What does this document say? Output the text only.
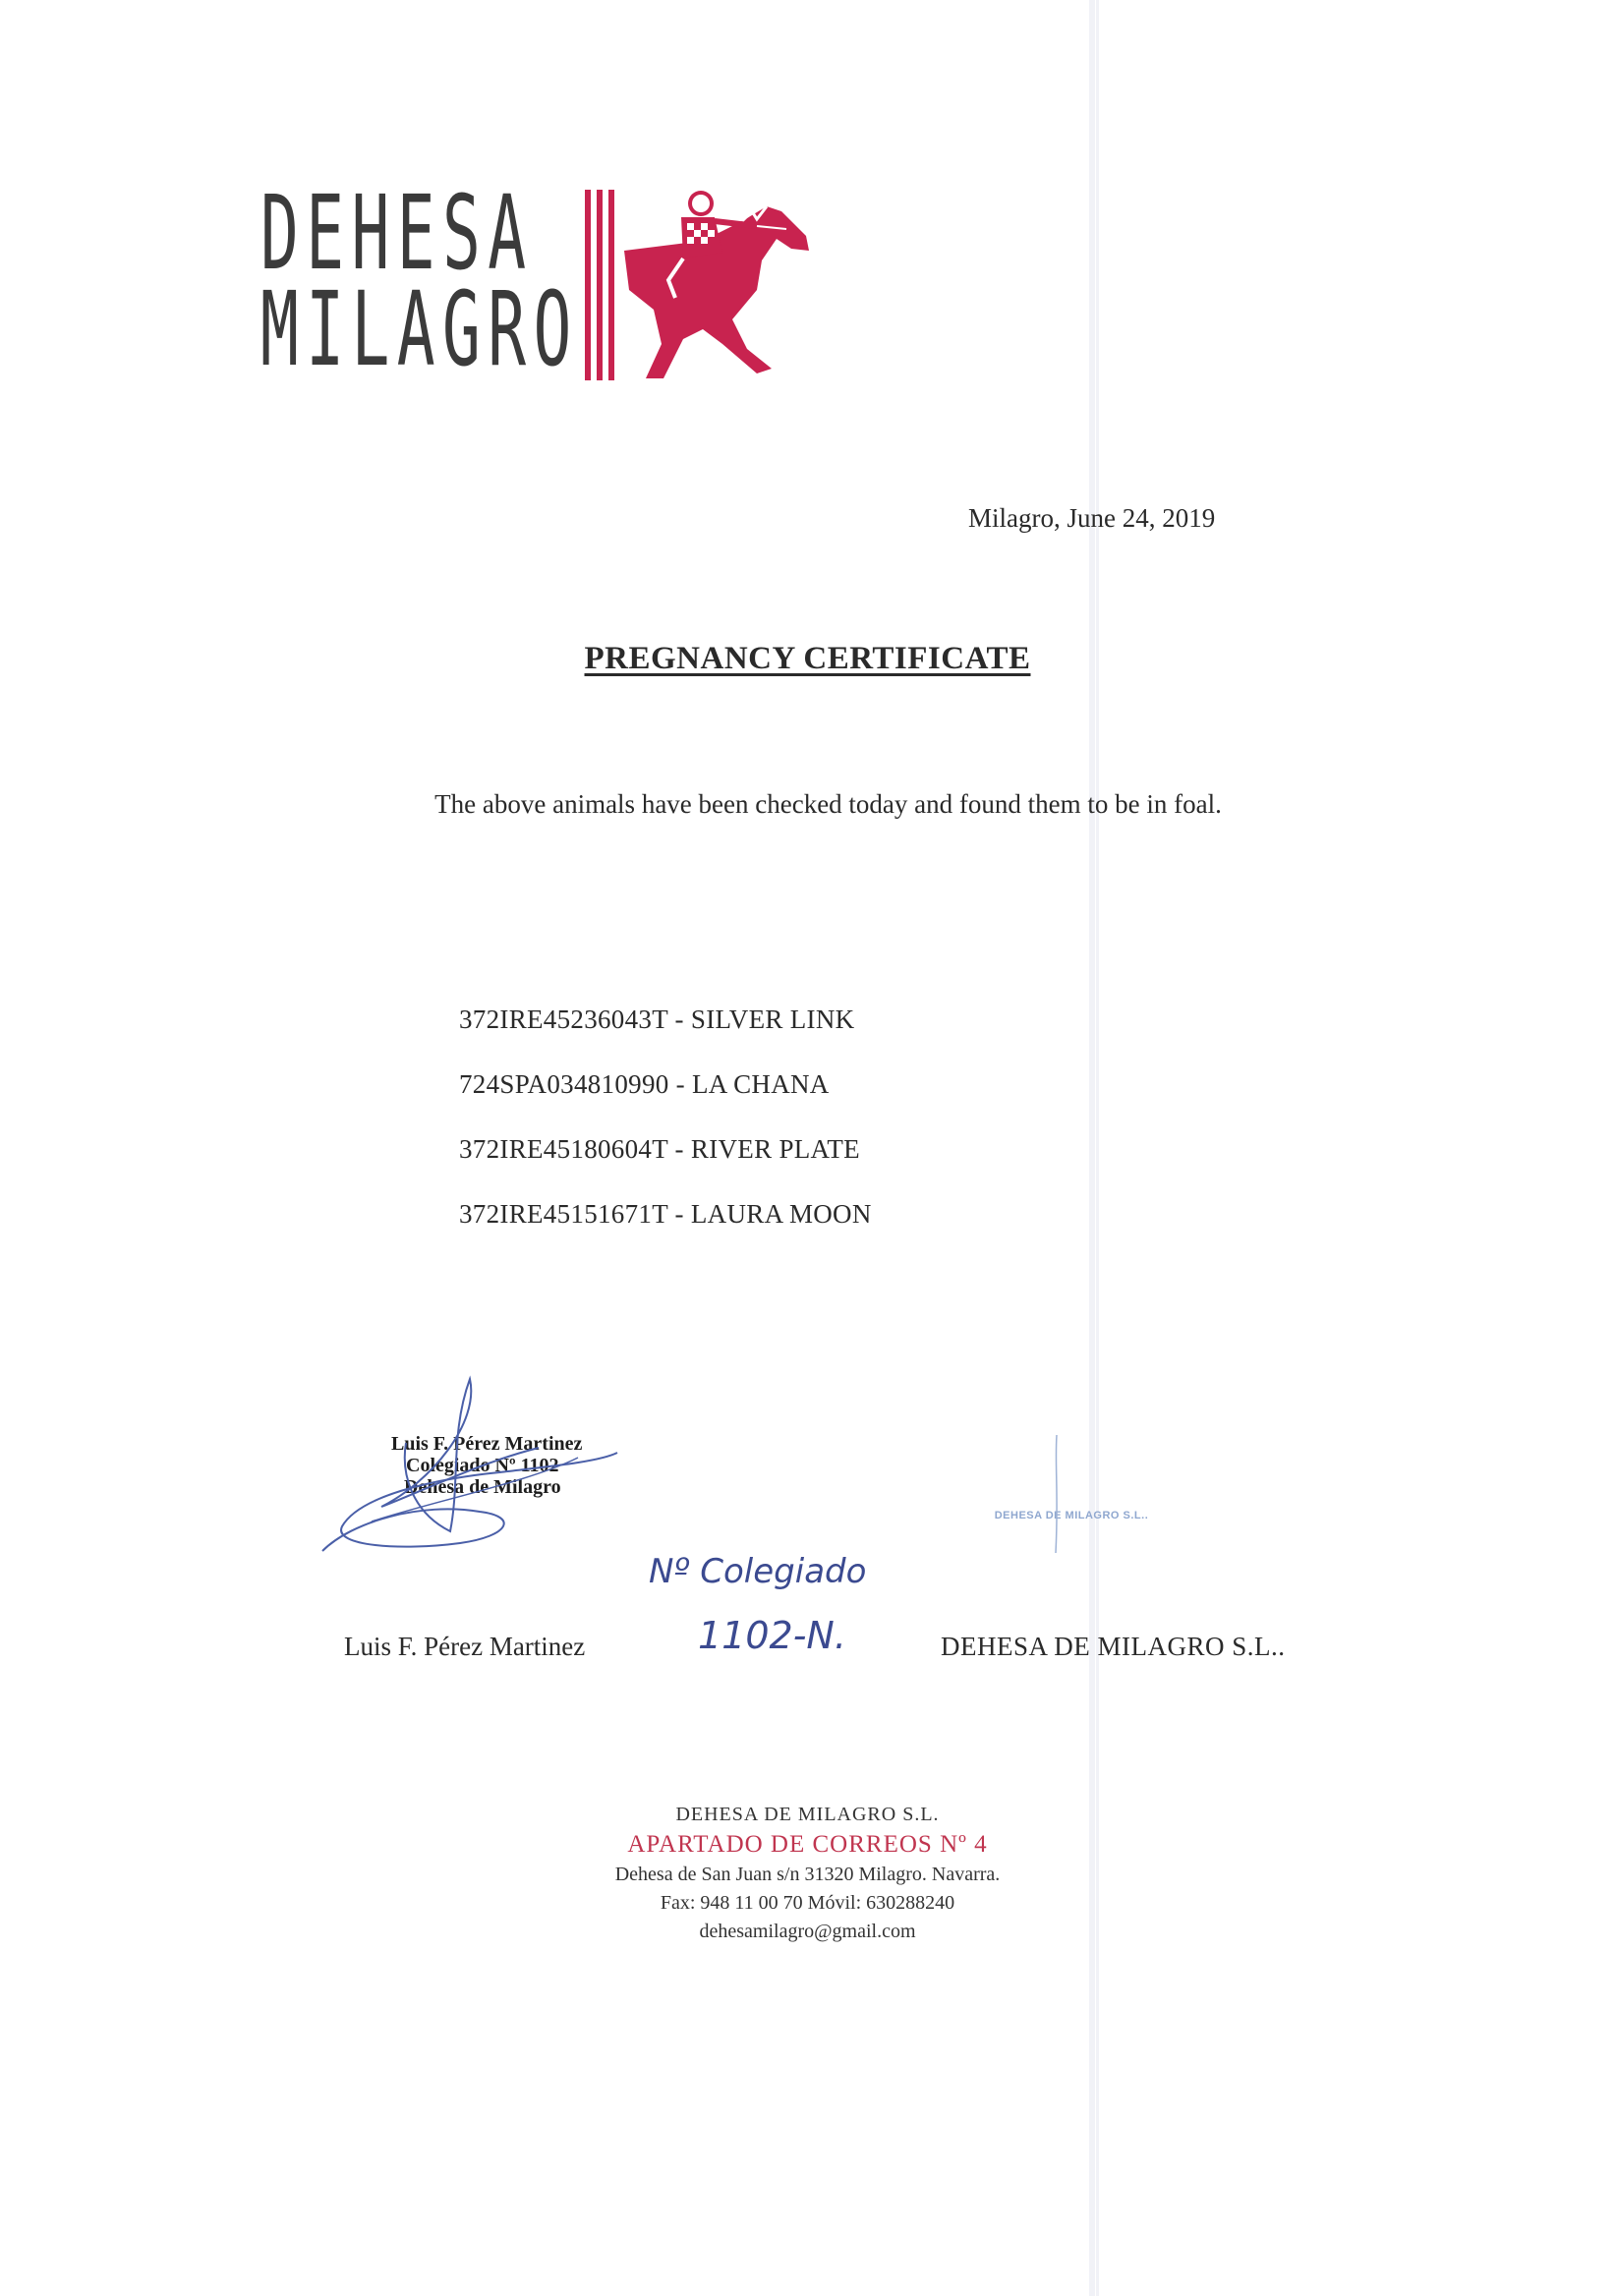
DEHESA
MILAGRO
Milagro, June 24, 2019
PREGNANCY CERTIFICATE
The above animals have been checked today and found them to be in foal.
372IRE45236043T - SILVER LINK
724SPA034810990 - LA CHANA
372IRE45180604T - RIVER PLATE
372IRE45151671T - LAURA MOON
Luis F. Pérez Martinez
Colegiado Nº 1102
Dehesa de Milagro
DEHESA DE MILAGRO S.L..
Nº Colegiado
1102-N.
Luis F. Pérez Martinez	DEHESA DE MILAGRO S.L..
DEHESA DE MILAGRO S.L.
APARTADO DE CORREOS Nº 4
Dehesa de San Juan s/n 31320 Milagro. Navarra.
Fax: 948 11 00 70 Móvil: 630288240
dehesamilagro@gmail.com
